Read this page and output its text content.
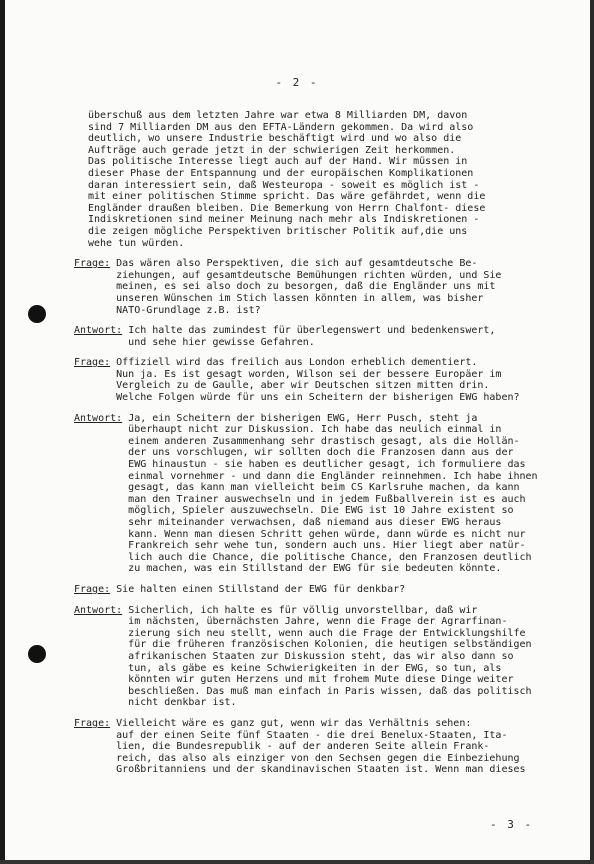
- 2 -
überschuß aus dem letzten Jahre war etwa 8 Milliarden DM, davon
sind 7 Milliarden DM aus den EFTA-Ländern gekommen. Da wird also
deutlich, wo unsere Industrie beschäftigt wird und wo also die
Aufträge auch gerade jetzt in der schwierigen Zeit herkommen.
Das politische Interesse liegt auch auf der Hand. Wir müssen in
dieser Phase der Entspannung und der europäischen Komplikationen
daran interessiert sein, daß Westeuropa - soweit es möglich ist -
mit einer politischen Stimme spricht. Das wäre gefährdet, wenn die
Engländer draußen bleiben. Die Bemerkung von Herrn Chalfont- diese
Indiskretionen sind meiner Meinung nach mehr als Indiskretionen -
die zeigen mögliche Perspektiven britischer Politik auf,die uns
wehe tun würden.
Frage: Das wären also Perspektiven, die sich auf gesamtdeutsche Be-
ziehungen, auf gesamtdeutsche Bemühungen richten würden, und Sie
meinen, es sei also doch zu besorgen, daß die Engländer uns mit
unseren Wünschen im Stich lassen könnten in allem, was bisher
NATO-Grundlage z.B. ist?
Antwort: Ich halte das zumindest für überlegenswert und bedenkenswert,
und sehe hier gewisse Gefahren.
Frage: Offiziell wird das freilich aus London erheblich dementiert.
Nun ja. Es ist gesagt worden, Wilson sei der bessere Europäer im
Vergleich zu de Gaulle, aber wir Deutschen sitzen mitten drin.
Welche Folgen würde für uns ein Scheitern der bisherigen EWG haben?
Antwort: Ja, ein Scheitern der bisherigen EWG, Herr Pusch, steht ja
überhaupt nicht zur Diskussion. Ich habe das neulich einmal in
einem anderen Zusammenhang sehr drastisch gesagt, als die Hollän-
der uns vorschlugen, wir sollten doch die Franzosen dann aus der
EWG hinaustun - sie haben es deutlicher gesagt, ich formuliere das
einmal vornehmer - und dann die Engländer reinnehmen. Ich habe ihnen
gesagt, das kann man vielleicht beim CS Karlsruhe machen, da kann
man den Trainer auswechseln und in jedem Fußballverein ist es auch
möglich, Spieler auszuwechseln. Die EWG ist 10 Jahre existent so
sehr miteinander verwachsen, daß niemand aus dieser EWG heraus
kann. Wenn man diesen Schritt gehen würde, dann würde es nicht nur
Frankreich sehr wehe tun, sondern auch uns. Hier liegt aber natür-
lich auch die Chance, die politische Chance, den Franzosen deutlich
zu machen, was ein Stillstand der EWG für sie bedeuten könnte.
Frage: Sie halten einen Stillstand der EWG für denkbar?
Antwort: Sicherlich, ich halte es für völlig unvorstellbar, daß wir
im nächsten, übernächsten Jahre, wenn die Frage der Agrarfinan-
zierung sich neu stellt, wenn auch die Frage der Entwicklungshilfe
für die früheren französischen Kolonien, die heutigen selbständigen
afrikanischen Staaten zur Diskussion steht, das wir also dann so
tun, als gäbe es keine Schwierigkeiten in der EWG, so tun, als
könnten wir guten Herzens und mit frohem Mute diese Dinge weiter
beschließen. Das muß man einfach in Paris wissen, daß das politisch
nicht denkbar ist.
Frage: Vielleicht wäre es ganz gut, wenn wir das Verhältnis sehen:
auf der einen Seite fünf Staaten - die drei Benelux-Staaten, Ita-
lien, die Bundesrepublik - auf der anderen Seite allein Frank-
reich, das also als einziger von den Sechsen gegen die Einbeziehung
Großbritanniens und der skandinavischen Staaten ist. Wenn man dieses
- 3 -
